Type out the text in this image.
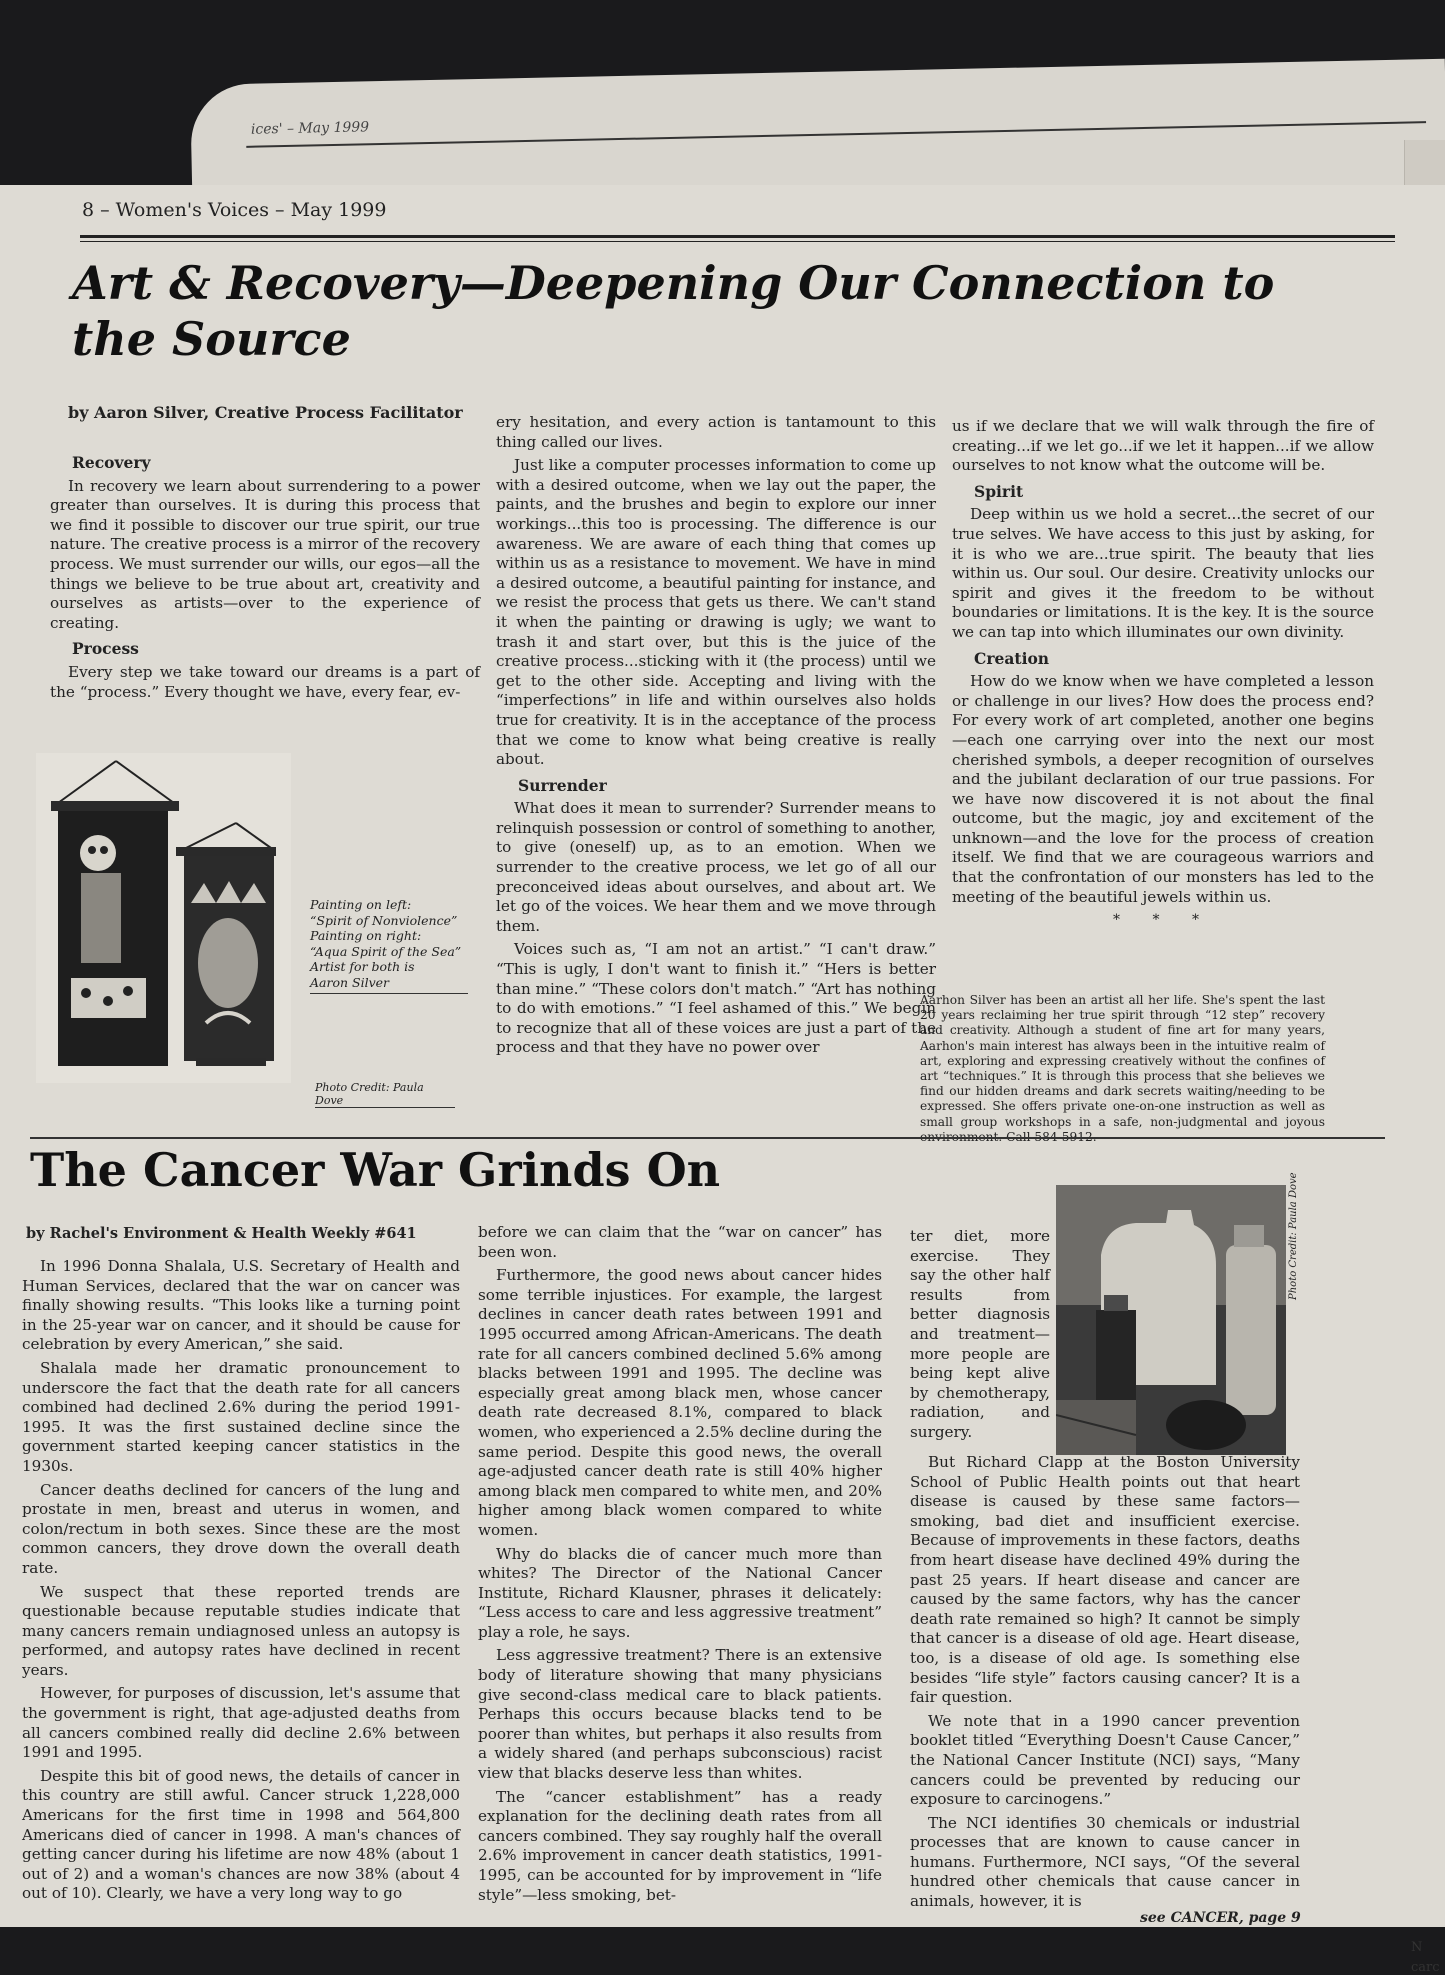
ices' – May 1999
N
carc
8 – Women's Voices – May 1999
Art & Recovery—Deepening Our Connection to the Source
by Aaron Silver, Creative Process Facilitator
Recovery

In recovery we learn about surrendering to a power greater than ourselves. It is during this process that we find it possible to discover our true spirit, our true nature. The creative process is a mirror of the recovery process. We must surrender our wills, our egos—all the things we believe to be true about art, creativity and ourselves as artists—over to the experience of creating.

Process

Every step we take toward our dreams is a part of the “process.” Every thought we have, every fear, ev-

Painting on left:
“Spirit of Nonviolence”
Painting on right:
“Aqua Spirit of the Sea”
Artist for both is
Aaron Silver
Photo Credit: Paula Dove

ery hesitation, and every action is tantamount to this thing called our lives.

Just like a computer processes information to come up with a desired outcome, when we lay out the paper, the paints, and the brushes and begin to explore our inner workings...this too is processing. The difference is our awareness. We are aware of each thing that comes up within us as a resistance to movement. We have in mind a desired outcome, a beautiful painting for instance, and we resist the process that gets us there. We can't stand it when the painting or drawing is ugly; we want to trash it and start over, but this is the juice of the creative process...sticking with it (the process) until we get to the other side. Accepting and living with the “imperfections” in life and within ourselves also holds true for creativity. It is in the acceptance of the process that we come to know what being creative is really about.

Surrender

What does it mean to surrender? Surrender means to relinquish possession or control of something to another, to give (oneself) up, as to an emotion. When we surrender to the creative process, we let go of all our preconceived ideas about ourselves, and about art. We let go of the voices. We hear them and we move through them.

Voices such as, “I am not an artist.” “I can't draw.” “This is ugly, I don't want to finish it.” “Hers is better than mine.” “These colors don't match.” “Art has nothing to do with emotions.” “I feel ashamed of this.” We begin to recognize that all of these voices are just a part of the process and that they have no power over

us if we declare that we will walk through the fire of creating...if we let go...if we let it happen...if we allow ourselves to not know what the outcome will be.

Spirit

Deep within us we hold a secret...the secret of our true selves. We have access to this just by asking, for it is who we are...true spirit. The beauty that lies within us. Our soul. Our desire. Creativity unlocks our spirit and gives it the freedom to be without boundaries or limitations. It is the key. It is the source we can tap into which illuminates our own divinity.

Creation

How do we know when we have completed a lesson or challenge in our lives? How does the process end? For every work of art completed, another one begins—each one carrying over into the next our most cherished symbols, a deeper recognition of ourselves and the jubilant declaration of our true passions. For we have now discovered it is not about the final outcome, but the magic, joy and excitement of the unknown—and the love for the process of creation itself. We find that we are courageous warriors and that the confrontation of our monsters has led to the meeting of the beautiful jewels within us.

* * *
Aarhon Silver has been an artist all her life. She's spent the last 20 years reclaiming her true spirit through “12 step” recovery and creativity. Although a student of fine art for many years, Aarhon's main interest has always been in the intuitive realm of art, exploring and expressing creatively without the confines of art “techniques.” It is through this process that she believes we find our hidden dreams and dark secrets waiting/needing to be expressed. She offers private one-on-one instruction as well as small group workshops in a safe, non-judgmental and joyous environment. Call 584-5912.
The Cancer War Grinds On
by Rachel's Environment & Health Weekly #641

In 1996 Donna Shalala, U.S. Secretary of Health and Human Services, declared that the war on cancer was finally showing results. “This looks like a turning point in the 25-year war on cancer, and it should be cause for celebration by every American,” she said.

Shalala made her dramatic pronouncement to underscore the fact that the death rate for all cancers combined had declined 2.6% during the period 1991-1995. It was the first sustained decline since the government started keeping cancer statistics in the 1930s.

Cancer deaths declined for cancers of the lung and prostate in men, breast and uterus in women, and colon/rectum in both sexes. Since these are the most common cancers, they drove down the overall death rate.

We suspect that these reported trends are questionable because reputable studies indicate that many cancers remain undiagnosed unless an autopsy is performed, and autopsy rates have declined in recent years.

However, for purposes of discussion, let's assume that the government is right, that age-adjusted deaths from all cancers combined really did decline 2.6% between 1991 and 1995.

Despite this bit of good news, the details of cancer in this country are still awful. Cancer struck 1,228,000 Americans for the first time in 1998 and 564,800 Americans died of cancer in 1998. A man's chances of getting cancer during his lifetime are now 48% (about 1 out of 2) and a woman's chances are now 38% (about 4 out of 10). Clearly, we have a very long way to go

before we can claim that the “war on cancer” has been won.

Furthermore, the good news about cancer hides some terrible injustices. For example, the largest declines in cancer death rates between 1991 and 1995 occurred among African-Americans. The death rate for all cancers combined declined 5.6% among blacks between 1991 and 1995. The decline was especially great among black men, whose cancer death rate decreased 8.1%, compared to black women, who experienced a 2.5% decline during the same period. Despite this good news, the overall age-adjusted cancer death rate is still 40% higher among black men compared to white men, and 20% higher among black women compared to white women.

Why do blacks die of cancer much more than whites? The Director of the National Cancer Institute, Richard Klausner, phrases it delicately: “Less access to care and less aggressive treatment” play a role, he says.

Less aggressive treatment? There is an extensive body of literature showing that many physicians give second-class medical care to black patients. Perhaps this occurs because blacks tend to be poorer than whites, but perhaps it also results from a widely shared (and perhaps subconscious) racist view that blacks deserve less than whites.

The “cancer establishment” has a ready explanation for the declining death rates from all cancers combined. They say roughly half the overall 2.6% improvement in cancer death statistics, 1991-1995, can be accounted for by improvement in “life style”—less smoking, bet-

Photo Credit: Paula Dove

ter diet, more exercise. They say the other half results from better diagnosis and treatment—more people are being kept alive by chemotherapy, radiation, and surgery.

But Richard Clapp at the Boston University School of Public Health points out that heart disease is caused by these same factors—smoking, bad diet and insufficient exercise. Because of improvements in these factors, deaths from heart disease have declined 49% during the past 25 years. If heart disease and cancer are caused by the same factors, why has the cancer death rate remained so high? It cannot be simply that cancer is a disease of old age. Heart disease, too, is a disease of old age. Is something else besides “life style” factors causing cancer? It is a fair question.

We note that in a 1990 cancer prevention booklet titled “Everything Doesn't Cause Cancer,” the National Cancer Institute (NCI) says, “Many cancers could be prevented by reducing our exposure to carcinogens.”

The NCI identifies 30 chemicals or industrial processes that are known to cause cancer in humans. Furthermore, NCI says, “Of the several hundred other chemicals that cause cancer in animals, however, it is

see CANCER, page 9
